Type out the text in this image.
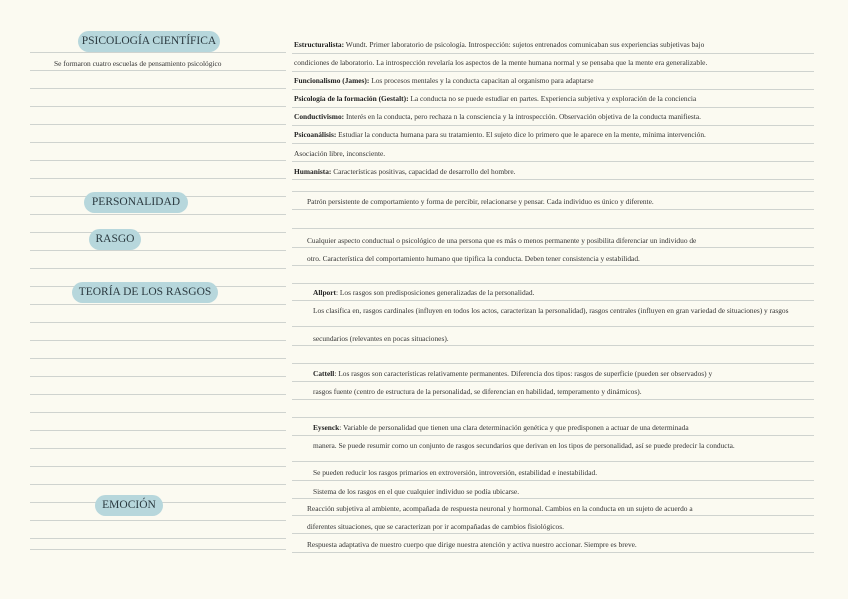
PSICOLOGÍA CIENTÍFICA
Se formaron cuatro escuelas de pensamiento psicológico
PERSONALIDAD
RASGO
TEORÍA DE LOS RASGOS
EMOCIÓN
Estructuralista: Wundt. Primer laboratorio de psicología. Introspección: sujetos entrenados comunicaban sus experiencias subjetivas bajo
condiciones de laboratorio. La introspección revelaría los aspectos de la mente humana normal y se pensaba que la mente era generalizable.
Funcionalismo (James): Los procesos mentales y la conducta capacitan al organismo para adaptarse
Psicología de la formación (Gestalt): La conducta no se puede estudiar en partes. Experiencia subjetiva y exploración de la conciencia
Conductivismo: Interés en la conducta, pero rechaza n la consciencia y la introspección. Observación objetiva de la conducta manifiesta.
Psicoanálisis: Estudiar la conducta humana para su tratamiento. El sujeto dice lo primero que le aparece en la mente, mínima intervención.
Asociación libre, inconsciente.
Humanista: Características positivas, capacidad de desarrollo del hombre.
Patrón persistente de comportamiento y forma de percibir, relacionarse y pensar. Cada individuo es único y diferente.
Cualquier aspecto conductual o psicológico de una persona que es más o menos permanente y posibilita diferenciar un individuo de
otro. Característica del comportamiento humano que tipifica la conducta. Deben tener consistencia y estabilidad.
Allport: Los rasgos son predisposiciones generalizadas de la personalidad.
Los clasifica en, rasgos cardinales (influyen en todos los actos, caracterizan la personalidad), rasgos centrales (influyen en gran variedad de situaciones) y rasgos
secundarios (relevantes en pocas situaciones).
Cattell: Los rasgos son características relativamente permanentes. Diferencia dos tipos: rasgos de superficie (pueden ser observados) y
rasgos fuente (centro de estructura de la personalidad, se diferencian en habilidad, temperamento y dinámicos).
Eysenck: Variable de personalidad que tienen una clara determinación genética y que predisponen a actuar de una determinada
manera. Se puede resumir como un conjunto de rasgos secundarios que derivan en los tipos de personalidad, así se puede predecir la conducta.
Se pueden reducir los rasgos primarios en extroversión, introversión, estabilidad e inestabilidad.
Sistema de los rasgos en el que cualquier individuo se podía ubicarse.
Reacción subjetiva al ambiente, acompañada de respuesta neuronal y hormonal. Cambios en la conducta en un sujeto de acuerdo a
diferentes situaciones, que se caracterizan por ir acompañadas de cambios fisiológicos.
Respuesta adaptativa de nuestro cuerpo que dirige nuestra atención y activa nuestro accionar. Siempre es breve.
